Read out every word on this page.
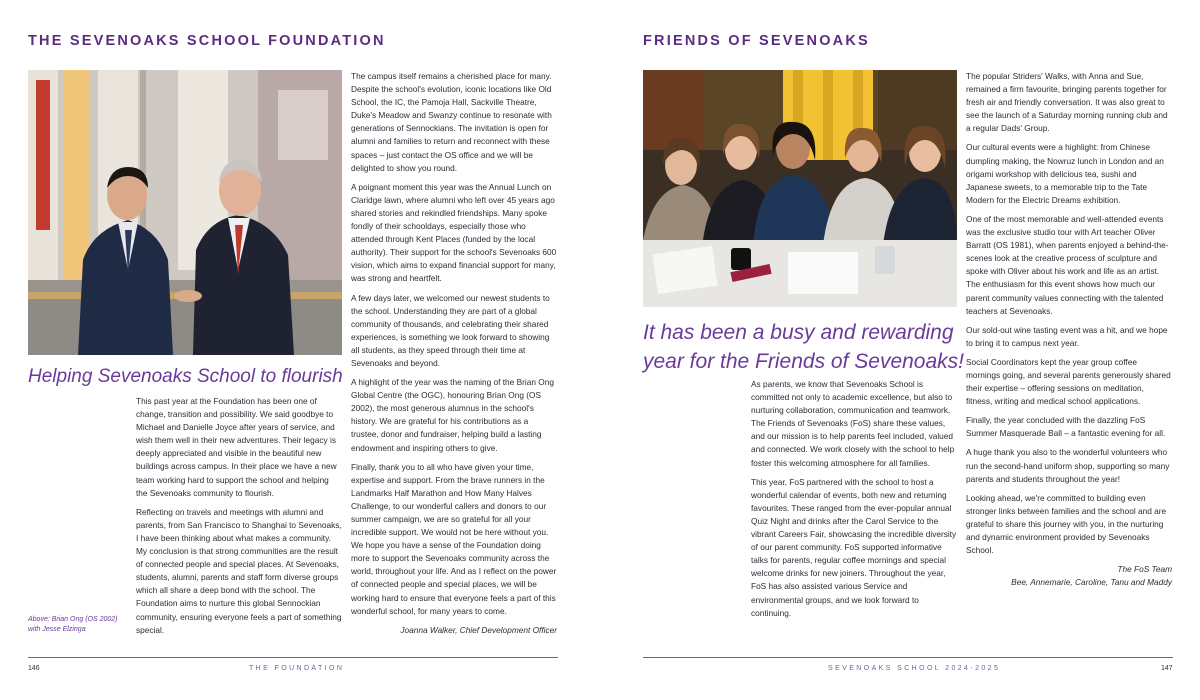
THE SEVENOAKS SCHOOL FOUNDATION
Helping Sevenoaks School to flourish
Above: Brian Ong (OS 2002)
with Jesse Elzinga

This past year at the Foundation has been one of change, transition and possibility. We said goodbye to Michael and Danielle Joyce after years of service, and wish them well in their new adventures. Their legacy is deeply appreciated and visible in the beautiful new buildings across campus. In their place we have a new team working hard to support the school and helping the Sevenoaks community to flourish.

Reflecting on travels and meetings with alumni and parents, from San Francisco to Shanghai to Sevenoaks, I have been thinking about what makes a community. My conclusion is that strong communities are the result of connected people and special places. At Sevenoaks, students, alumni, parents and staff form diverse groups which all share a deep bond with the school. The Foundation aims to nurture this global Sennockian community, ensuring everyone feels a part of something special.

The campus itself remains a cherished place for many. Despite the school's evolution, iconic locations like Old School, the IC, the Pamoja Hall, Sackville Theatre, Duke's Meadow and Swanzy continue to resonate with generations of Sennockians. The invitation is open for alumni and families to return and reconnect with these spaces – just contact the OS office and we will be delighted to show you round.

A poignant moment this year was the Annual Lunch on Claridge lawn, where alumni who left over 45 years ago shared stories and rekindled friendships. Many spoke fondly of their schooldays, especially those who attended through Kent Places (funded by the local authority). Their support for the school's Sevenoaks 600 vision, which aims to expand financial support for many, was strong and heartfelt.

A few days later, we welcomed our newest students to the school. Understanding they are part of a global community of thousands, and celebrating their shared experiences, is something we look forward to showing all students, as they speed through their time at Sevenoaks and beyond.

A highlight of the year was the naming of the Brian Ong Global Centre (the OGC), honouring Brian Ong (OS 2002), the most generous alumnus in the school's history. We are grateful for his contributions as a trustee, donor and fundraiser, helping build a lasting endowment and inspiring others to give.

Finally, thank you to all who have given your time, expertise and support. From the brave runners in the Landmarks Half Marathon and How Many Halves Challenge, to our wonderful callers and donors to our summer campaign, we are so grateful for all your incredible support. We would not be here without you. We hope you have a sense of the Foundation doing more to support the Sevenoaks community across the world, throughout your life. And as I reflect on the power of connected people and special places, we will be working hard to ensure that everyone feels a part of this wonderful school, for many years to come.

Joanna Walker, Chief Development Officer

146	THE FOUNDATION
FRIENDS OF SEVENOAKS
It has been a busy and rewarding
year for the Friends of Sevenoaks!

As parents, we know that Sevenoaks School is committed not only to academic excellence, but also to nurturing collaboration, communication and teamwork. The Friends of Sevenoaks (FoS) share these values, and our mission is to help parents feel included, valued and connected. We work closely with the school to help foster this welcoming atmosphere for all families.

This year, FoS partnered with the school to host a wonderful calendar of events, both new and returning favourites. These ranged from the ever-popular annual Quiz Night and drinks after the Carol Service to the vibrant Careers Fair, showcasing the incredible diversity of our parent community. FoS supported informative talks for parents, regular coffee mornings and special welcome drinks for new joiners. Throughout the year, FoS has also assisted various Service and environmental groups, and we look forward to continuing.

The popular Striders' Walks, with Anna and Sue, remained a firm favourite, bringing parents together for fresh air and friendly conversation. It was also great to see the launch of a Saturday morning running club and a regular Dads' Group.

Our cultural events were a highlight: from Chinese dumpling making, the Nowruz lunch in London and an origami workshop with delicious tea, sushi and Japanese sweets, to a memorable trip to the Tate Modern for the Electric Dreams exhibition.

One of the most memorable and well-attended events was the exclusive studio tour with Art teacher Oliver Barratt (OS 1981), when parents enjoyed a behind-the-scenes look at the creative process of sculpture and spoke with Oliver about his work and life as an artist. The enthusiasm for this event shows how much our parent community values connecting with the talented teachers at Sevenoaks.

Our sold-out wine tasting event was a hit, and we hope to bring it to campus next year.

Social Coordinators kept the year group coffee mornings going, and several parents generously shared their expertise – offering sessions on meditation, fitness, writing and medical school applications.

Finally, the year concluded with the dazzling FoS Summer Masquerade Ball – a fantastic evening for all.

A huge thank you also to the wonderful volunteers who run the second-hand uniform shop, supporting so many parents and students throughout the year!

Looking ahead, we're committed to building even stronger links between families and the school and are grateful to share this journey with you, in the nurturing and dynamic environment provided by Sevenoaks School.

The FoS Team

Bee, Annemarie, Caroline, Tanu and Maddy

SEVENOAKS SCHOOL 2024-2025	147
